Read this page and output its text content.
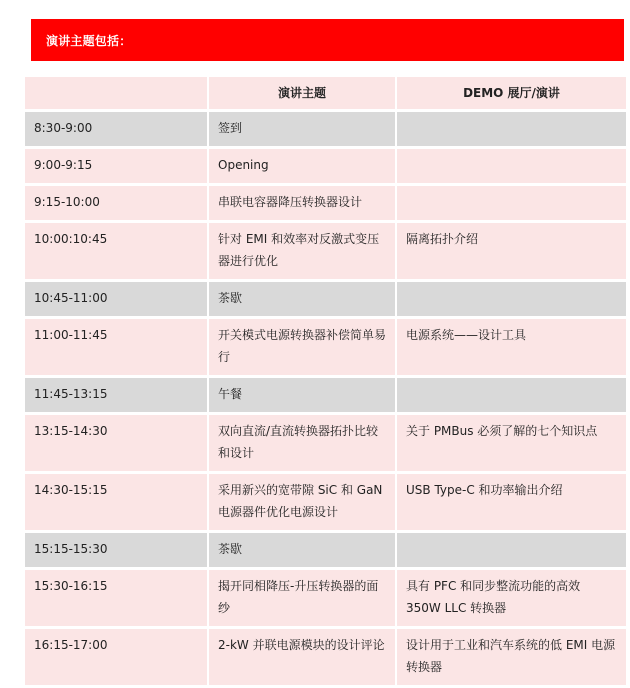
演讲主题包括：
	演讲主题	DEMO 展厅/演讲
8:30-9:00	签到	
9:00-9:15	Opening	
9:15-10:00	串联电容器降压转换器设计	
10:00:10:45	针对 EMI 和效率对反激式变压器进行优化	隔离拓扑介绍
10:45-11:00	茶歇	
11:00-11:45	开关模式电源转换器补偿简单易行	电源系统——设计工具
11:45-13:15	午餐	
13:15-14:30	双向直流/直流转换器拓扑比较和设计	关于 PMBus 必须了解的七个知识点
14:30-15:15	采用新兴的宽带隙 SiC 和 GaN 电源器件优化电源设计	USB Type-C 和功率输出介绍
15:15-15:30	茶歇	
15:30-16:15	揭开同相降压-升压转换器的面纱	具有 PFC 和同步整流功能的高效 350W LLC 转换器
16:15-17:00	2-kW 并联电源模块的设计评论	设计用于工业和汽车系统的低 EMI 电源转换器
